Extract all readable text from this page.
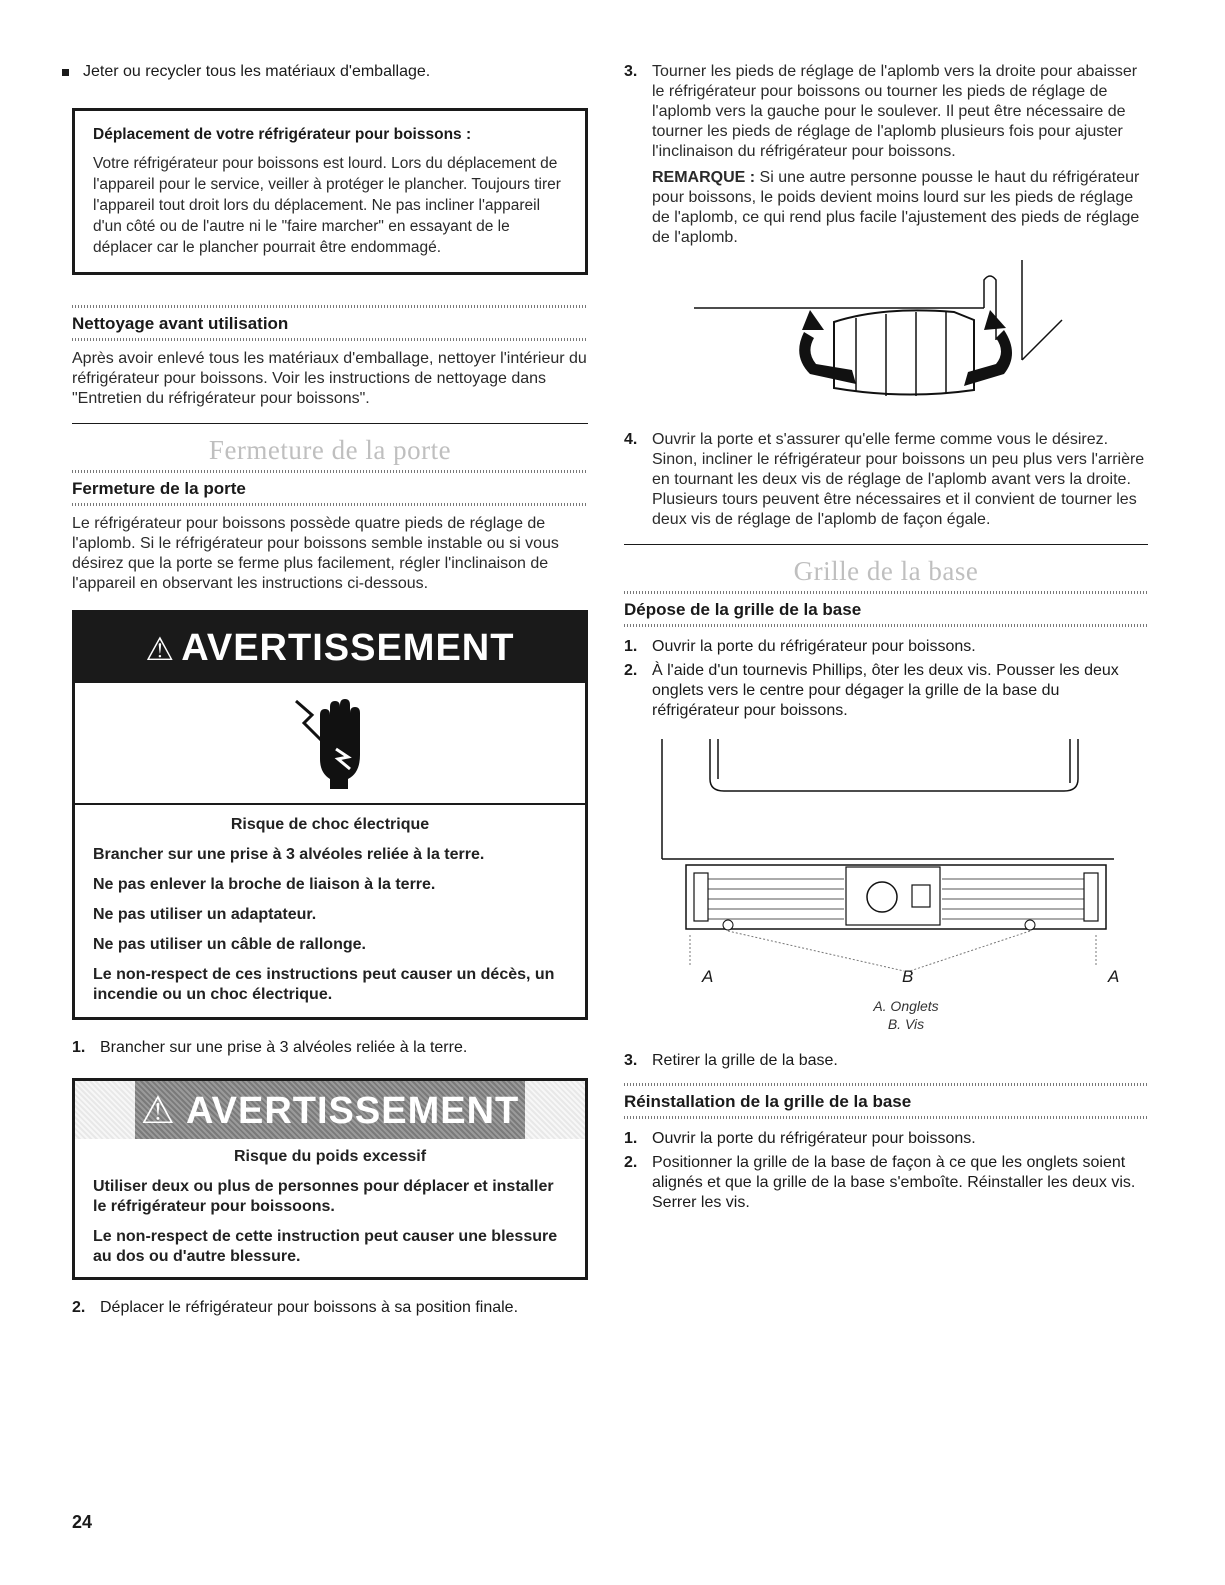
Jeter ou recycler tous les matériaux d'emballage.

Déplacement de votre réfrigérateur pour boissons :

Votre réfrigérateur pour boissons est lourd. Lors du déplacement de l'appareil pour le service, veiller à protéger le plancher. Toujours tirer l'appareil tout droit lors du déplacement. Ne pas incliner l'appareil d'un côté ou de l'autre ni le "faire marcher" en essayant de le déplacer car le plancher pourrait être endommagé.

Nettoyage avant utilisation

Après avoir enlevé tous les matériaux d'emballage, nettoyer l'intérieur du réfrigérateur pour boissons. Voir les instructions de nettoyage dans "Entretien du réfrigérateur pour boissons".

Fermeture de la porte
Fermeture de la porte

Le réfrigérateur pour boissons possède quatre pieds de réglage de l'aplomb. Si le réfrigérateur pour boissons semble instable ou si vous désirez que la porte se ferme plus facilement, régler l'inclinaison de l'appareil en observant les instructions ci-dessous.

⚠ AVERTISSEMENT

Risque de choc électrique

Brancher sur une prise à 3 alvéoles reliée à la terre.

Ne pas enlever la broche de liaison à la terre.

Ne pas utiliser un adaptateur.

Ne pas utiliser un câble de rallonge.

Le non-respect de ces instructions peut causer un décès, un incendie ou un choc électrique.

1. Brancher sur une prise à 3 alvéoles reliée à la terre.
⚠ AVERTISSEMENT

Risque du poids excessif

Utiliser deux ou plus de personnes pour déplacer et installer le réfrigérateur pour boissoons.

Le non-respect de cette instruction peut causer une blessure au dos ou d'autre blessure.

2. Déplacer le réfrigérateur pour boissons à sa position finale.
3. Tourner les pieds de réglage de l'aplomb vers la droite pour abaisser le réfrigérateur pour boissons ou tourner les pieds de réglage de l'aplomb vers la gauche pour le soulever. Il peut être nécessaire de tourner les pieds de réglage de l'aplomb plusieurs fois pour ajuster l'inclinaison du réfrigérateur pour boissons.

REMARQUE : Si une autre personne pousse le haut du réfrigérateur pour boissons, le poids devient moins lourd sur les pieds de réglage de l'aplomb, ce qui rend plus facile l'ajustement des pieds de réglage de l'aplomb.

4. Ouvrir la porte et s'assurer qu'elle ferme comme vous le désirez. Sinon, incliner le réfrigérateur pour boissons un peu plus vers l'arrière en tournant les deux vis de réglage de l'aplomb avant vers la droite. Plusieurs tours peuvent être nécessaires et il convient de tourner les deux vis de réglage de l'aplomb de façon égale.
Grille de la base
Dépose de la grille de la base
1. Ouvrir la porte du réfrigérateur pour boissons.
2. À l'aide d'un tournevis Phillips, ôter les deux vis. Pousser les deux onglets vers le centre pour dégager la grille de la base du réfrigérateur pour boissons.
A	B	A

A. Onglets

B. Vis

3. Retirer la grille de la base.
Réinstallation de la grille de la base
1. Ouvrir la porte du réfrigérateur pour boissons.
2. Positionner la grille de la base de façon à ce que les onglets soient alignés et que la grille de la base s'emboîte. Réinstaller les deux vis. Serrer les vis.
24
